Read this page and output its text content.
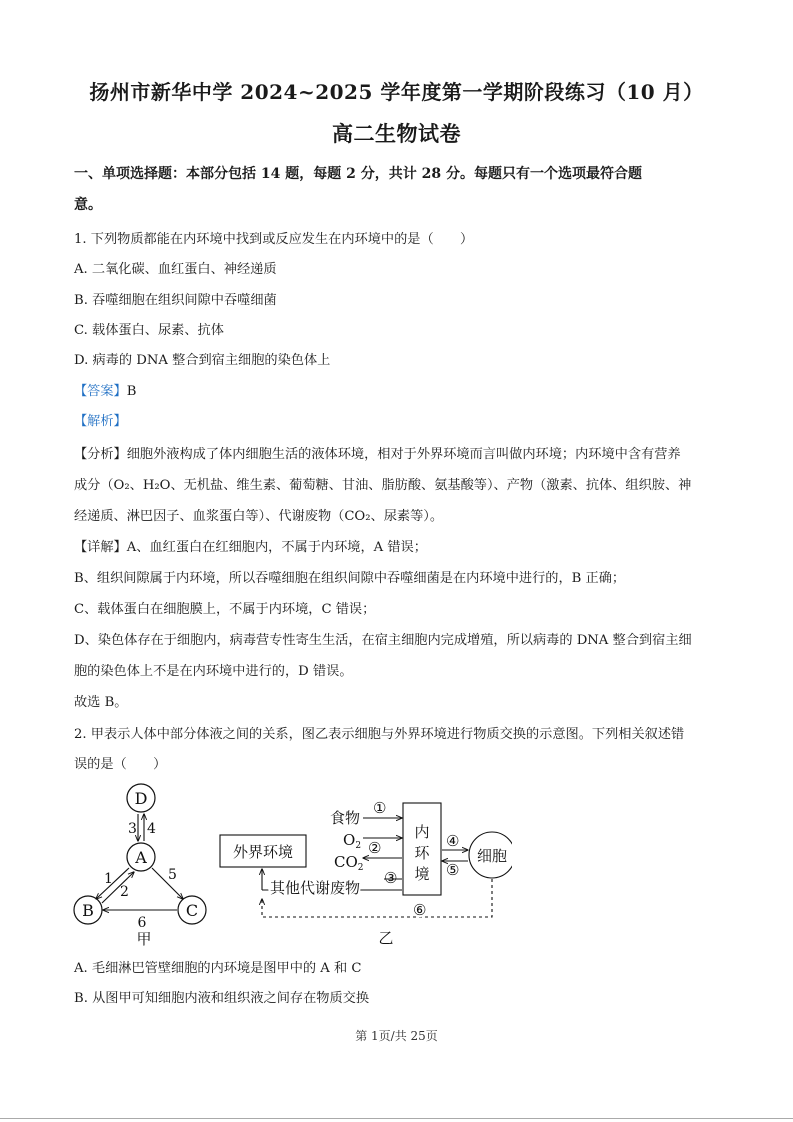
扬州市新华中学 2024~2025 学年度第一学期阶段练习（10 月）
高二生物试卷
一、单项选择题：本部分包括 14 题，每题 2 分，共计 28 分。每题只有一个选项最符合题
意。
1. 下列物质都能在内环境中找到或反应发生在内环境中的是（　　）
A. 二氧化碳、血红蛋白、神经递质
B. 吞噬细胞在组织间隙中吞噬细菌
C. 载体蛋白、尿素、抗体
D. 病毒的 DNA 整合到宿主细胞的染色体上
【答案】B
【解析】
【分析】细胞外液构成了体内细胞生活的液体环境，相对于外界环境而言叫做内环境；内环境中含有营养
成分（O₂、H₂O、无机盐、维生素、葡萄糖、甘油、脂肪酸、氨基酸等）、产物（激素、抗体、组织胺、神
经递质、淋巴因子、血浆蛋白等）、代谢废物（CO₂、尿素等）。
【详解】A、血红蛋白在红细胞内，不属于内环境，A 错误；
B、组织间隙属于内环境，所以吞噬细胞在组织间隙中吞噬细菌是在内环境中进行的，B 正确；
C、载体蛋白在细胞膜上，不属于内环境，C 错误；
D、染色体存在于细胞内，病毒营专性寄生生活，在宿主细胞内完成增殖，所以病毒的 DNA 整合到宿主细
胞的染色体上不是在内环境中进行的，D 错误。
故选 B。
2. 甲表示人体中部分体液之间的关系，图乙表示细胞与外界环境进行物质交换的示意图。下列相关叙述错
误的是（　　）
D
A
B	C
3 4
1
2
5
6
甲
外界环境
内
环
境
细胞
食物
①
$O_2$ ②
$CO_2$
③
其他代谢废物
④
⑤
⑥
乙
A. 毛细淋巴管壁细胞的内环境是图甲中的 A 和 C
B. 从图甲可知细胞内液和组织液之间存在物质交换
第 1页/共 25页
